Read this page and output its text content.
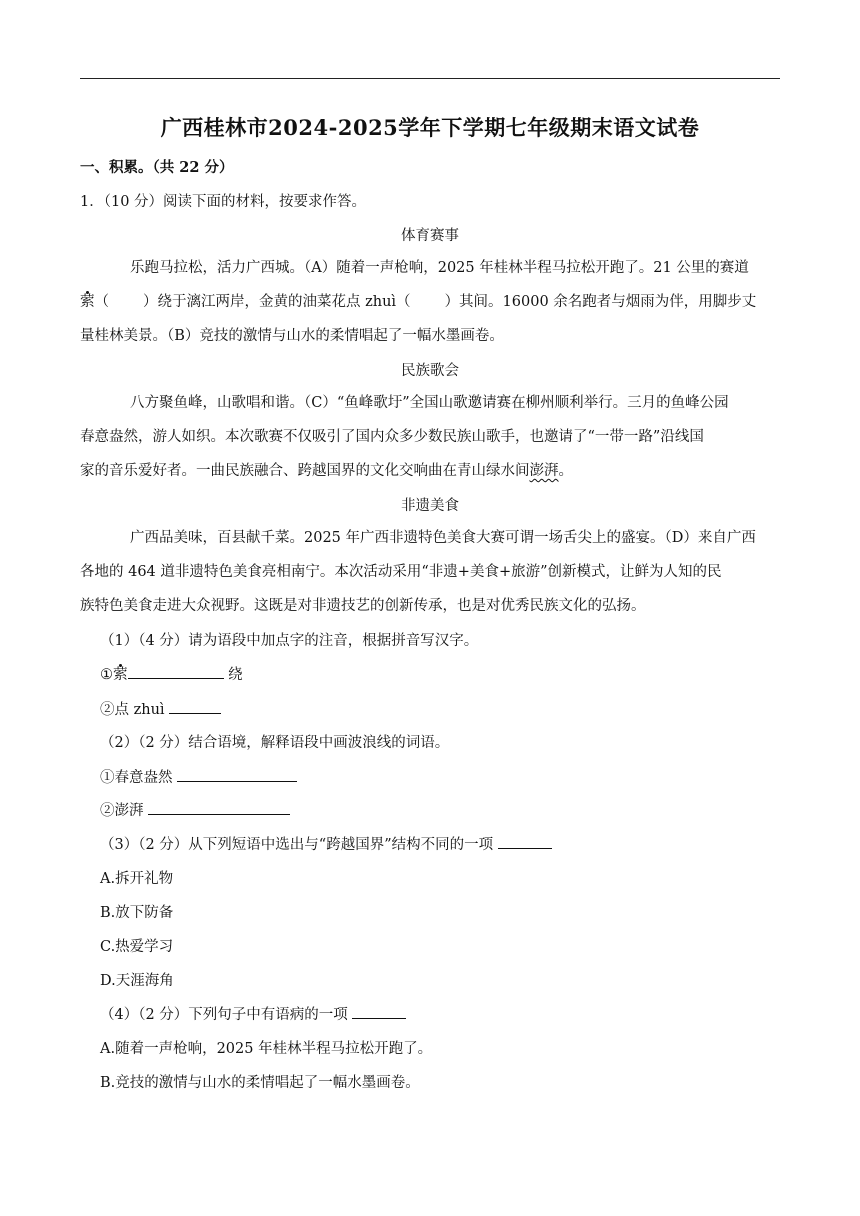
广西桂林市2024-2025学年下学期七年级期末语文试卷
一、积累。（共 22 分）
1．（10 分）阅读下面的材料，按要求作答。
体育赛事
乐跑马拉松，活力广西城。（A）随着一声枪响，2025 年桂林半程马拉松开跑了。21 公里的赛道
萦（ ）绕于漓江两岸，金黄的油菜花点 zhuì（ ）其间。16000 余名跑者与烟雨为伴，用脚步丈
量桂林美景。（B）竞技的激情与山水的柔情唱起了一幅水墨画卷。
民族歌会
八方聚鱼峰，山歌唱和谐。（C）“鱼峰歌圩”全国山歌邀请赛在柳州顺利举行。三月的鱼峰公园
春意盎然，游人如织。本次歌赛不仅吸引了国内众多少数民族山歌手，也邀请了“一带一路”沿线国
家的音乐爱好者。一曲民族融合、跨越国界的文化交响曲在青山绿水间澎湃。
非遗美食
广西品美味，百县献千菜。2025 年广西非遗特色美食大赛可谓一场舌尖上的盛宴。（D）来自广西
各地的 464 道非遗特色美食亮相南宁。本次活动采用“非遗+美食+旅游”创新模式，让鲜为人知的民
族特色美食走进大众视野。这既是对非遗技艺的创新传承，也是对优秀民族文化的弘扬。
（1）（4 分）请为语段中加点字的注音，根据拼音写汉字。
①萦	绕
②点 zhuì
（2）（2 分）结合语境，解释语段中画波浪线的词语。
①春意盎然
②澎湃
（3）（2 分）从下列短语中选出与“跨越国界”结构不同的一项
A.拆开礼物
B.放下防备
C.热爱学习
D.天涯海角
（4）（2 分）下列句子中有语病的一项
A.随着一声枪响，2025 年桂林半程马拉松开跑了。
B.竞技的激情与山水的柔情唱起了一幅水墨画卷。
